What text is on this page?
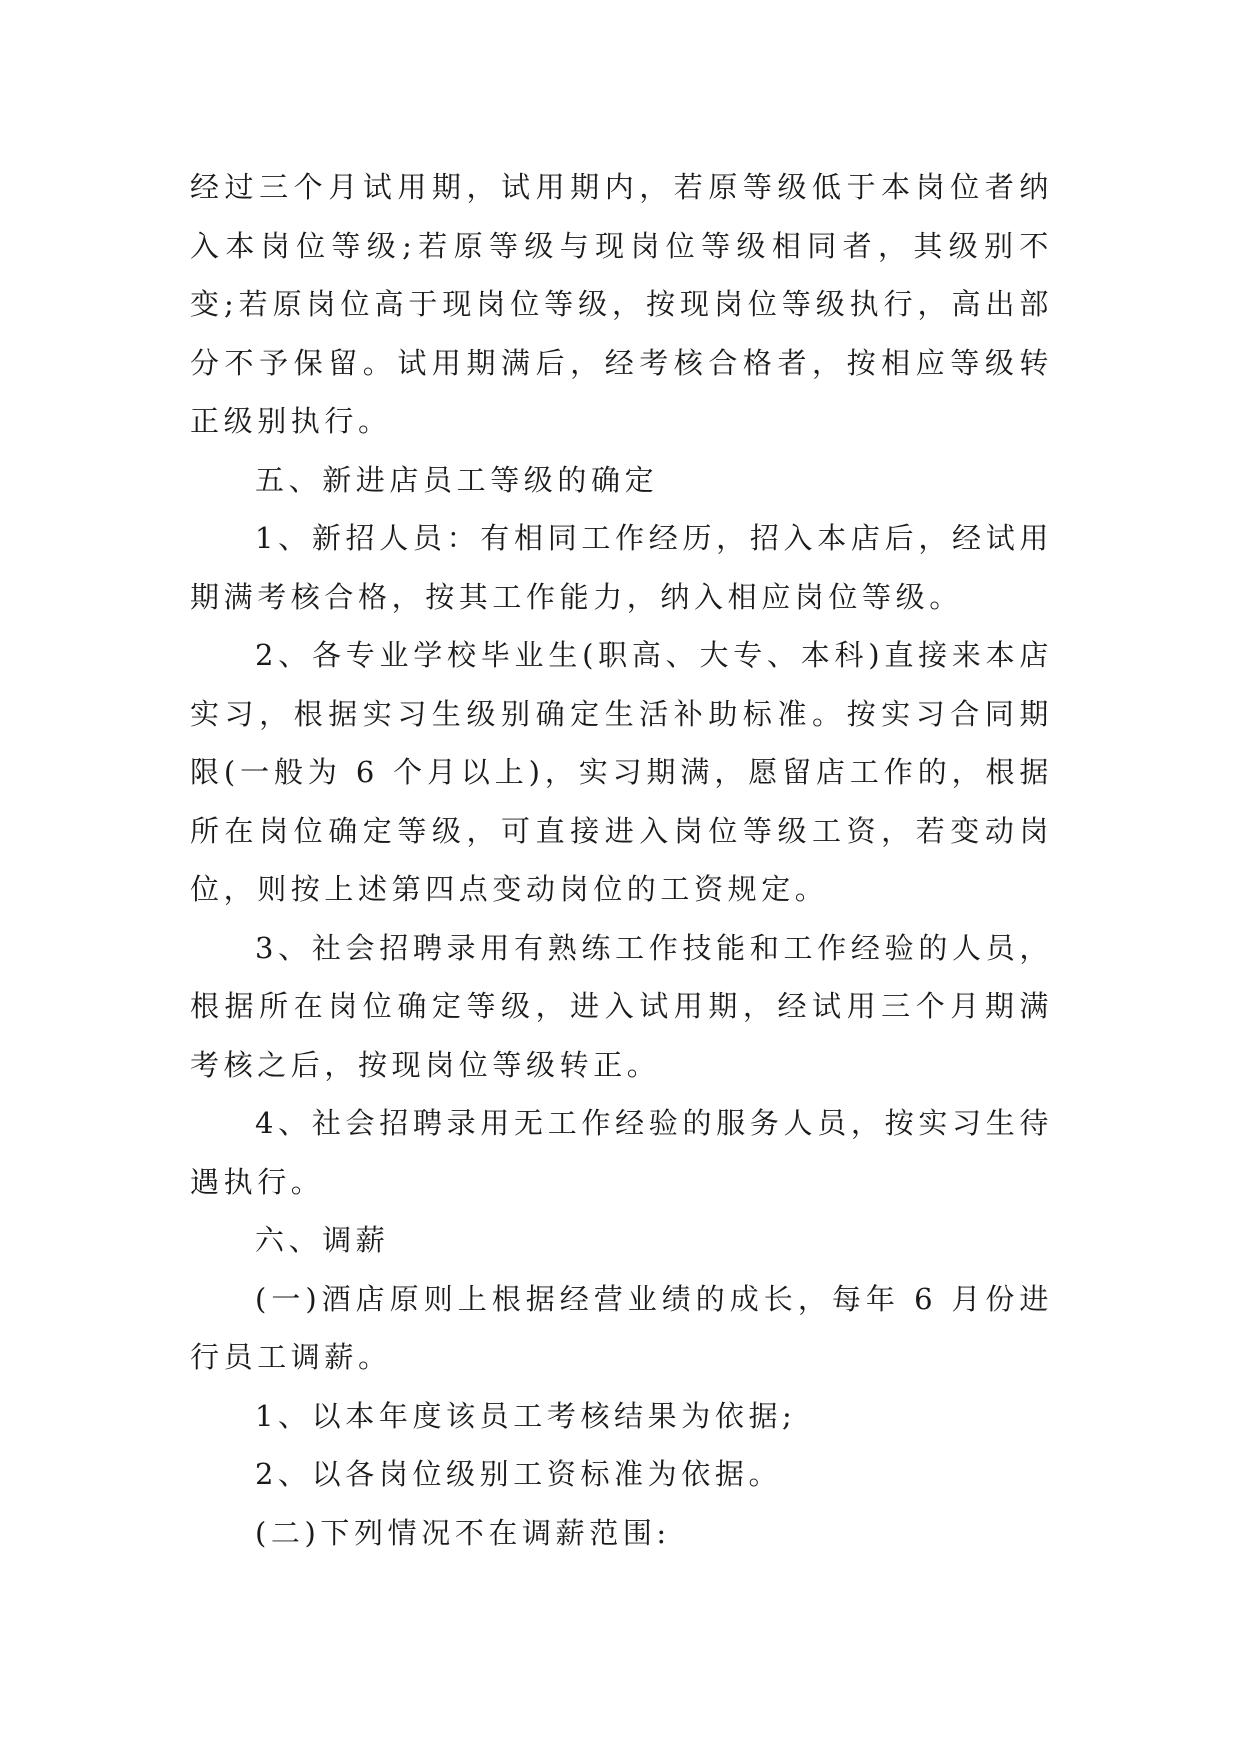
经过三个月试用期，试用期内，若原等级低于本岗位者纳入本岗位等级;若原等级与现岗位等级相同者，其级别不变;若原岗位高于现岗位等级，按现岗位等级执行，高出部分不予保留。试用期满后，经考核合格者，按相应等级转正级别执行。

五、新进店员工等级的确定

1、新招人员：有相同工作经历，招入本店后，经试用期满考核合格，按其工作能力，纳入相应岗位等级。

2、各专业学校毕业生(职高、大专、本科)直接来本店实习，根据实习生级别确定生活补助标准。按实习合同期限(一般为 6 个月以上)，实习期满，愿留店工作的，根据所在岗位确定等级，可直接进入岗位等级工资，若变动岗位，则按上述第四点变动岗位的工资规定。

3、社会招聘录用有熟练工作技能和工作经验的人员，根据所在岗位确定等级，进入试用期，经试用三个月期满考核之后，按现岗位等级转正。

4、社会招聘录用无工作经验的服务人员，按实习生待遇执行。

六、调薪

(一)酒店原则上根据经营业绩的成长，每年 6 月份进行员工调薪。

1、以本年度该员工考核结果为依据;

2、以各岗位级别工资标准为依据。

(二)下列情况不在调薪范围:
